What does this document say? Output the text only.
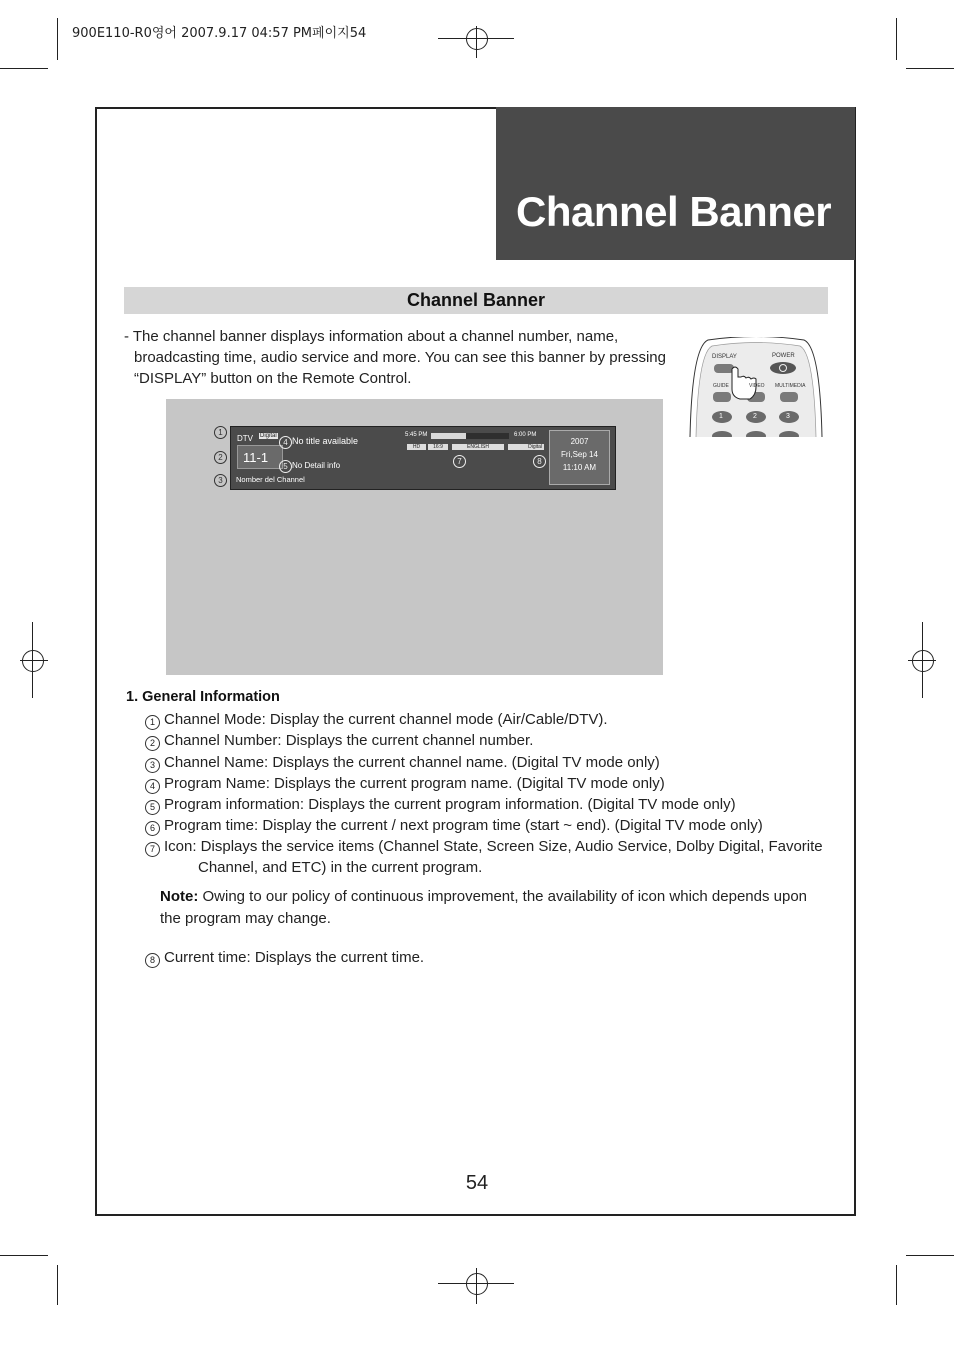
900E110-R0영어 2007.9.17 04:57 PM페이지54
Channel Banner
Channel Banner

- The channel banner displays information about a channel number, name, broadcasting time, audio service and more. You can see this banner by pressing “DISPLAY” button on the Remote Control.

DISPLAY	POWER
GUIDE	VIDEO MULTIMEDIA
1	2	3
1
2
3
DTV Digital
11-1
4 No title available
5 No Detail info
Nomber del Channel
5:45 PM	6:00 PM
HD	16:9	ENGLISH	Digital
7	8
2007
Fri,Sep 14
11:10 AM
1. General Information
1 Channel Mode: Display the current channel mode (Air/Cable/DTV).
2 Channel Number: Displays the current channel number.
3 Channel Name: Displays the current channel name. (Digital TV mode only)
4 Program Name: Displays the current program name. (Digital TV mode only)
5 Program information: Displays the current program information. (Digital TV mode only)
6 Program time: Display the current / next program time (start ~ end). (Digital TV mode only)
7 Icon: Displays the service items (Channel State, Screen Size, Audio Service, Dolby Digital, Favorite
Channel, and ETC) in the current program.
Note: Owing to our policy of continuous improvement, the availability of icon which depends upon the program may change.
8 Current time: Displays the current time.
54
